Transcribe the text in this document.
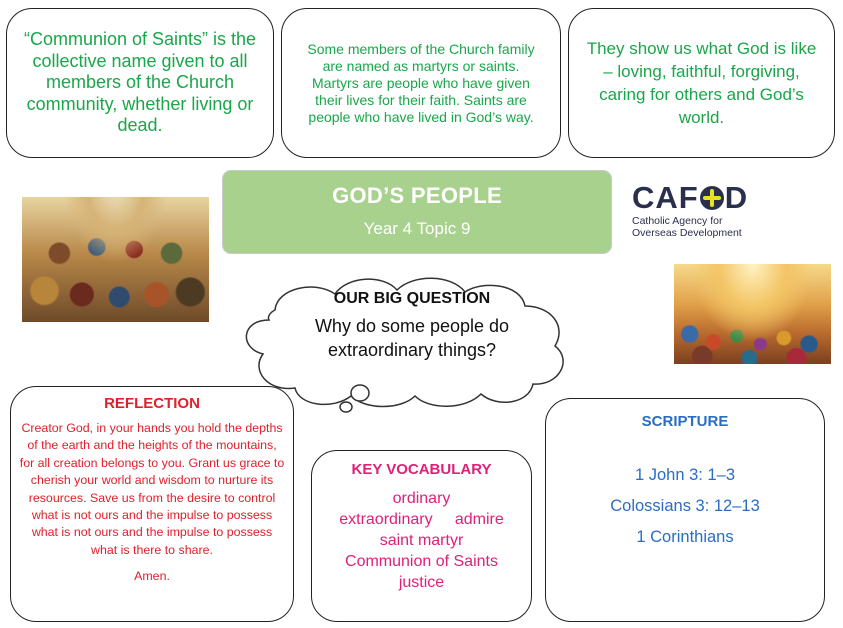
“Communion of Saints” is the collective name given to all members of the Church community, whether living or dead.
Some members of the Church family are named as martyrs or saints. Martyrs are people who have given their lives for their faith. Saints are people who have lived in God’s way.
They show us what God is like – loving, faithful, forgiving, caring for others and God’s world.
GOD’S PEOPLE
Year 4 Topic 9
CAF D
Catholic Agency for
Overseas Development
OUR BIG QUESTION
Why do some people do extraordinary things?
REFLECTION
Creator God, in your hands you hold the depths of the earth and the heights of the mountains, for all creation belongs to you. Grant us grace to cherish your world and wisdom to nurture its resources. Save us from the desire to control what is not ours and the impulse to possess what is not ours and the impulse to possess what is there to share.
Amen.
KEY VOCABULARY
ordinary
extraordinary     admire
saint martyr
Communion of Saints
justice
SCRIPTURE
1 John 3: 1–3
Colossians 3: 12–13
1 Corinthians
